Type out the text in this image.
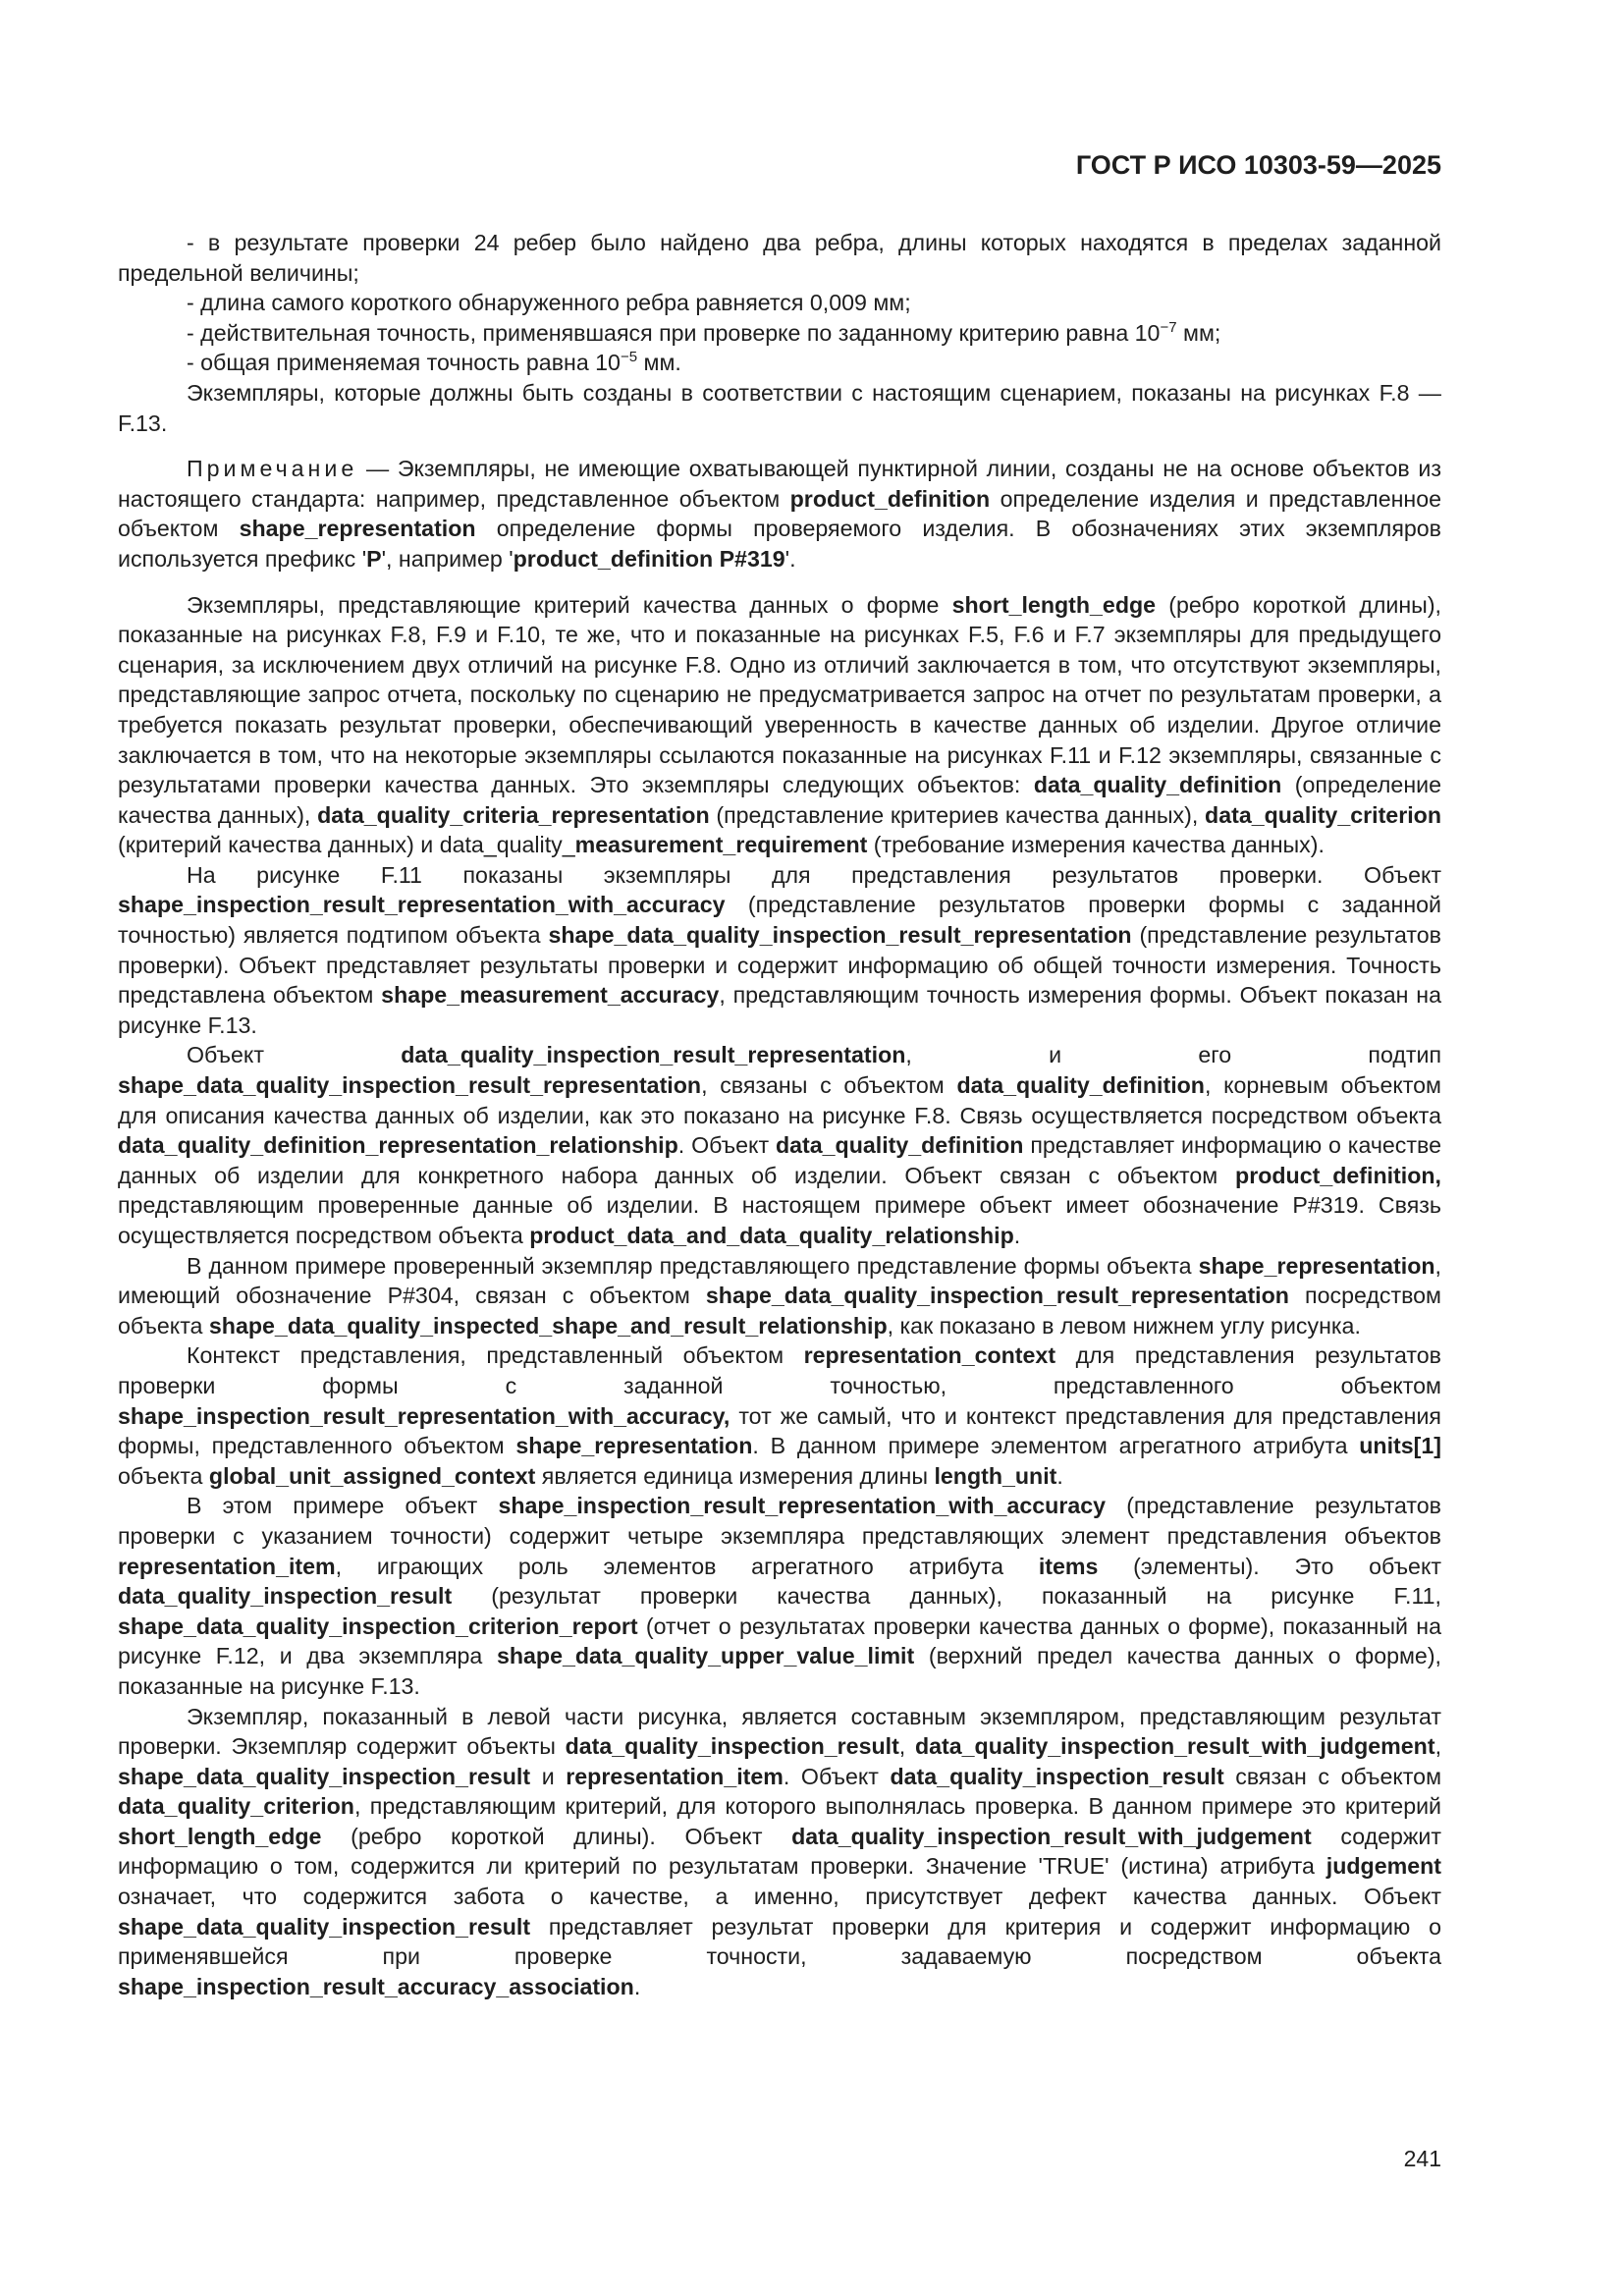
ГОСТ Р ИСО 10303-59—2025

- в результате проверки 24 ребер было найдено два ребра, длины которых находятся в пределах заданной предельной величины;

- длина самого короткого обнаруженного ребра равняется 0,009 мм;

- действительная точность, применявшаяся при проверке по заданному критерию равна $10^{-7}$ мм;

- общая применяемая точность равна $10^{-5}$ мм.

Экземпляры, которые должны быть созданы в соответствии с настоящим сценарием, показаны на рисунках F.8 — F.13.

Примечание — Экземпляры, не имеющие охватывающей пунктирной линии, созданы не на основе объектов из настоящего стандарта: например, представленное объектом product_definition определение изделия и представленное объектом shape_representation определение формы проверяемого изделия. В обозначениях этих экземпляров используется префикс 'P', например 'product_definition P#319'.

Экземпляры, представляющие критерий качества данных о форме short_length_edge (ребро короткой длины), показанные на рисунках F.8, F.9 и F.10, те же, что и показанные на рисунках F.5, F.6 и F.7 экземпляры для предыдущего сценария, за исключением двух отличий на рисунке F.8. Одно из отличий заключается в том, что отсутствуют экземпляры, представляющие запрос отчета, поскольку по сценарию не предусматривается запрос на отчет по результатам проверки, а требуется показать результат проверки, обеспечивающий уверенность в качестве данных об изделии. Другое отличие заключается в том, что на некоторые экземпляры ссылаются показанные на рисунках F.11 и F.12 экземпляры, связанные с результатами проверки качества данных. Это экземпляры следующих объектов: data_quality_definition (определение качества данных), data_quality_criteria_representation (представление критериев качества данных), data_quality_criterion (критерий качества данных) и data_quality_measurement_requirement (требование измерения качества данных).

На рисунке F.11 показаны экземпляры для представления результатов проверки. Объект shape_inspection_result_representation_with_accuracy (представление результатов проверки формы с заданной точностью) является подтипом объекта shape_data_quality_inspection_result_representation (представление результатов проверки). Объект представляет результаты проверки и содержит информацию об общей точности измерения. Точность представлена объектом shape_measurement_accuracy, представляющим точность измерения формы. Объект показан на рисунке F.13.

Объект data_quality_inspection_result_representation, и его подтип shape_data_quality_inspection_result_representation, связаны с объектом data_quality_definition, корневым объектом для описания качества данных об изделии, как это показано на рисунке F.8. Связь осуществляется посредством объекта data_quality_definition_representation_relationship. Объект data_quality_definition представляет информацию о качестве данных об изделии для конкретного набора данных об изделии. Объект связан с объектом product_definition, представляющим проверенные данные об изделии. В настоящем примере объект имеет обозначение P#319. Связь осуществляется посредством объекта product_data_and_data_quality_relationship.

В данном примере проверенный экземпляр представляющего представление формы объекта shape_representation, имеющий обозначение P#304, связан с объектом shape_data_quality_inspection_result_representation посредством объекта shape_data_quality_inspected_shape_and_result_relationship, как показано в левом нижнем углу рисунка.

Контекст представления, представленный объектом representation_context для представления результатов проверки формы с заданной точностью, представленного объектом shape_inspection_result_representation_with_accuracy, тот же самый, что и контекст представления для представления формы, представленного объектом shape_representation. В данном примере элементом агрегатного атрибута units[1] объекта global_unit_assigned_context является единица измерения длины length_unit.

В этом примере объект shape_inspection_result_representation_with_accuracy (представление результатов проверки с указанием точности) содержит четыре экземпляра представляющих элемент представления объектов representation_item, играющих роль элементов агрегатного атрибута items (элементы). Это объект data_quality_inspection_result (результат проверки качества данных), показанный на рисунке F.11, shape_data_quality_inspection_criterion_report (отчет о результатах проверки качества данных о форме), показанный на рисунке F.12, и два экземпляра shape_data_quality_upper_value_limit (верхний предел качества данных о форме), показанные на рисунке F.13.

Экземпляр, показанный в левой части рисунка, является составным экземпляром, представляющим результат проверки. Экземпляр содержит объекты data_quality_inspection_result, data_quality_inspection_result_with_judgement, shape_data_quality_inspection_result и representation_item. Объект data_quality_inspection_result связан с объектом data_quality_criterion, представляющим критерий, для которого выполнялась проверка. В данном примере это критерий short_length_edge (ребро короткой длины). Объект data_quality_inspection_result_with_judgement содержит информацию о том, содержится ли критерий по результатам проверки. Значение 'TRUE' (истина) атрибута judgement означает, что содержится забота о качестве, а именно, присутствует дефект качества данных. Объект shape_data_quality_inspection_result представляет результат проверки для критерия и содержит информацию о применявшейся при проверке точности, задаваемую посредством объекта shape_inspection_result_accuracy_association.

241
